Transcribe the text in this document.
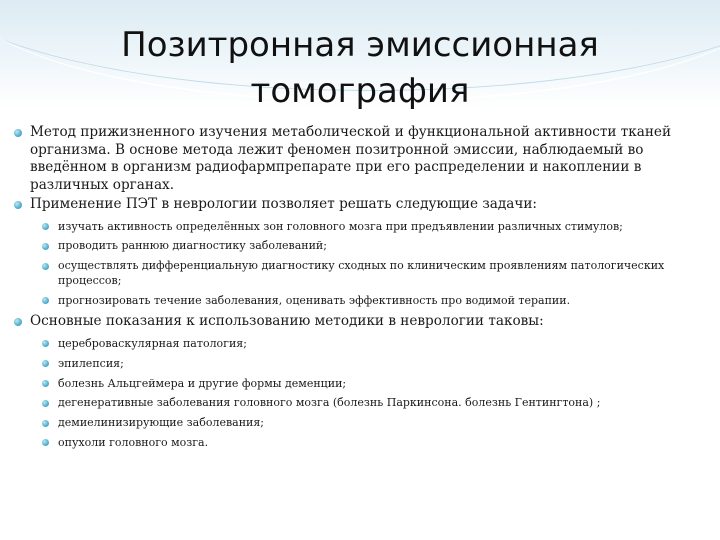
Позитронная эмиссионная томография
Метод прижизненного изучения метаболической и функциональной активности тканей организма. В основе метода лежит феномен позитронной эмиссии, наблюдаемый во введённом в организм радиофармпрепарате при его распределении и накоплении в различных органах.
Применение ПЭТ в неврологии позволяет решать следующие задачи:
изучать активность определённых зон головного мозга при предъявлении различных стимулов;
проводить раннюю диагностику заболеваний;
осуществлять дифференциальную диагностику сходных по клиническим проявлениям патологических процессов;
прогнозировать течение заболевания, оценивать эффективность про водимой терапии.
Основные показания к использованию методики в неврологии таковы:
цереброваскулярная патология;
эпилепсия;
болезнь Альцгеймера и другие формы деменции;
дегенеративные заболевания головного мозга (болезнь Паркинсона. болезнь Гентингтона) ;
демиелинизирующие заболевания;
опухоли головного мозга.
